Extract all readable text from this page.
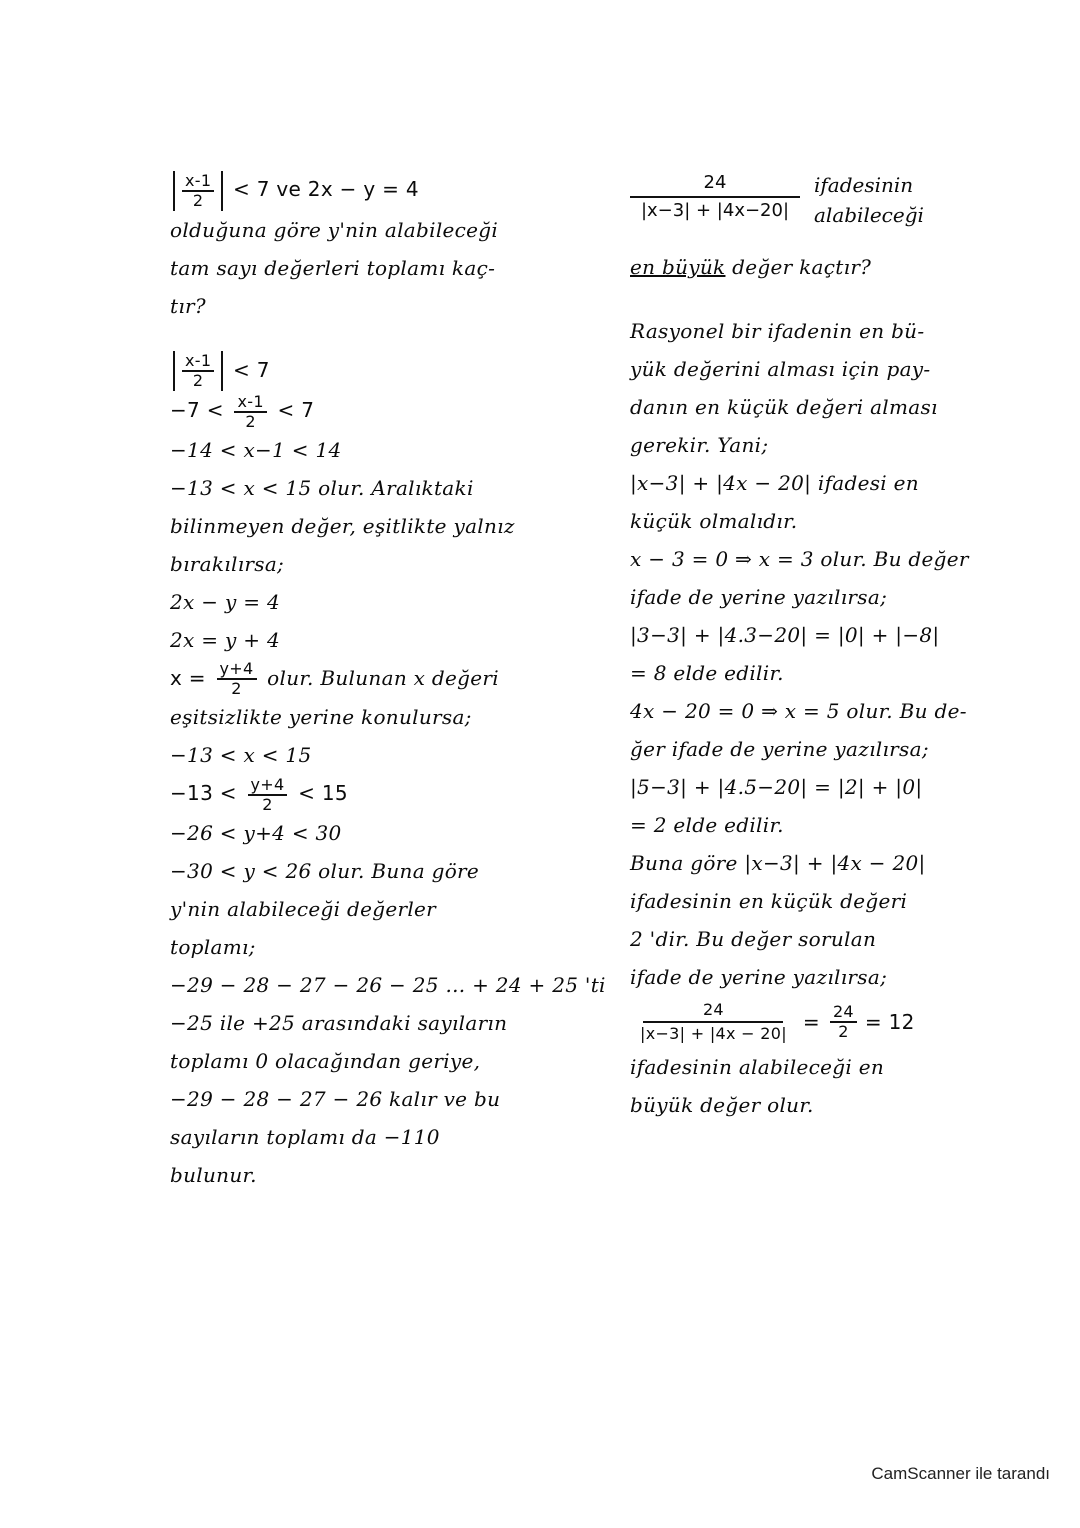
$\frac{x-1}{2} < 7$ ve 2x − y = 4
olduğuna göre y'nin alabileceği
tam sayı değerleri toplamı kaç-
tır?
$\frac{x-1}{2} < 7$
$-7 < \frac{x-1}{2} < 7$
−14 < x−1 < 14
−13 < x < 15 olur. Aralıktaki
bilinmeyen değer, eşitlikte yalnız
bırakılırsa;
2x − y = 4
2x = y + 4
$x = \frac{y+4}{2}$ olur. Bulunan x değeri
eşitsizlikte yerine konulursa;
−13 < x < 15
$-13 < \frac{y+4}{2} < 15$
−26 < y+4 < 30
−30 < y < 26 olur. Buna göre
y'nin alabileceği değerler
toplamı;
−29 − 28 − 27 − 26 − 25 ... + 24 + 25 'ti
−25 ile +25 arasındaki sayıların
toplamı 0 olacağından geriye,
−29 − 28 − 27 − 26 kalır ve bu
sayıların toplamı da −110
bulunur.
$\frac{24}{|x-3| + |4x-20|}$ ifadesinin
alabileceği
en büyük değer kaçtır?
Rasyonel bir ifadenin en bü-
yük değerini alması için pay-
danın en küçük değeri alması
gerekir. Yani;
|x−3| + |4x − 20| ifadesi en
küçük olmalıdır.
x − 3 = 0 ⇒ x = 3 olur. Bu değer
ifade de yerine yazılırsa;
|3−3| + |4.3−20| = |0| + |−8|
= 8 elde edilir.
4x − 20 = 0 ⇒ x = 5 olur. Bu de-
ğer ifade de yerine yazılırsa;
|5−3| + |4.5−20| = |2| + |0|
= 2 elde edilir.
Buna göre |x−3| + |4x − 20|
ifadesinin en küçük değeri
2 'dir. Bu değer sorulan
ifade de yerine yazılırsa;
$\frac{24}{|x-3| + |4x - 20|} = \frac{24}{2} = 12$
ifadesinin alabileceği en
büyük değer olur.
CamScanner ile tarandı
